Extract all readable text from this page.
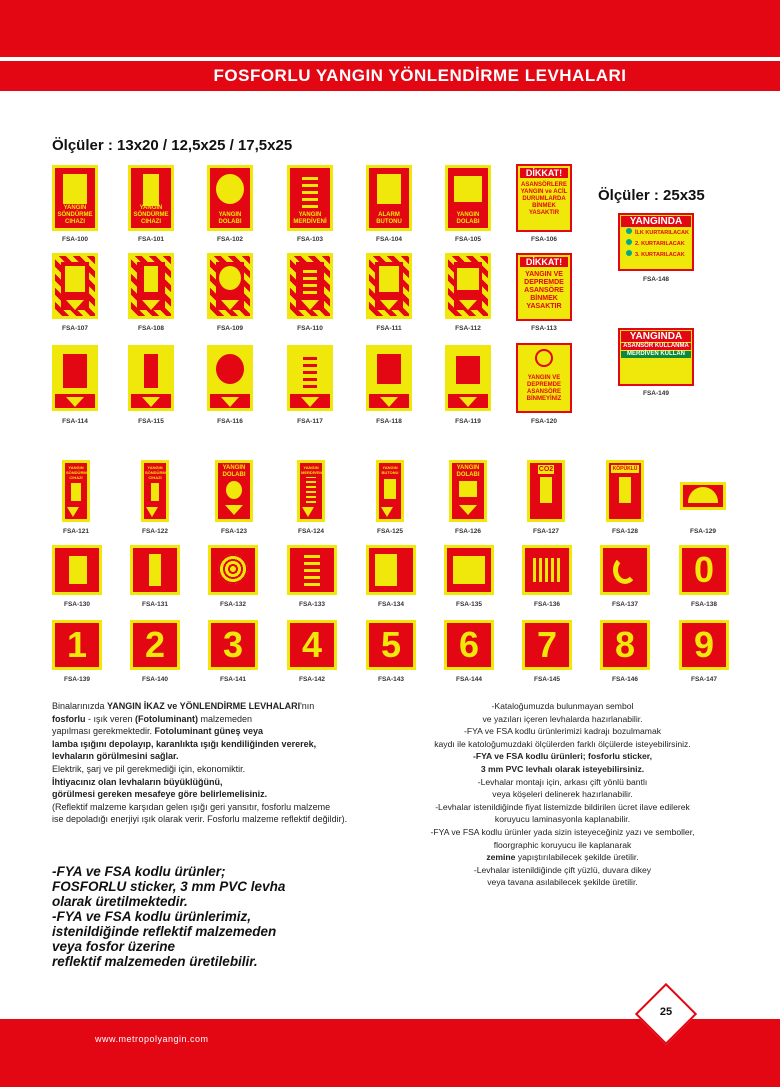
FOSFORLU YANGIN YÖNLENDİRME LEVHALARI
Ölçüler : 13x20 / 12,5x25 / 17,5x25
Ölçüler : 25x35
YANGIN SÖNDÜRME CIHAZI
FSA-100
YANGIN SÖNDÜRME CIHAZI
FSA-101
YANGIN DOLABI
FSA-102
YANGIN MERDİVENİ
FSA-103
ALARM BUTONU
FSA-104
YANGIN DOLABI
FSA-105
DİKKAT!
ASANSÖRLERE YANGIN ve ACİL DURUMLARDA BİNMEK YASAKTIR
FSA-106
FSA-107	FSA-108	FSA-109	FSA-110	FSA-111	FSA-112
DİKKAT!
YANGIN VE DEPREMDE ASANSÖRE BİNMEK YASAKTIR
FSA-113
FSA-114	FSA-115	FSA-116	FSA-117	FSA-118	FSA-119
YANGIN VE DEPREMDE ASANSÖRE BİNMEYİNİZ
FSA-120
YANGINDA
İLK KURTARILACAK
2. KURTARILACAK
3. KURTARILACAK
FSA-148
YANGINDA
ASANSÖR KULLANMA
MERDİVEN KULLAN
FSA-149
YANGIN SÖNDÜRME CIHAZI
FSA-121
YANGIN SÖNDÜRME CIHAZI
FSA-122
YANGIN DOLABI
FSA-123
YANGIN MERDİVENİ
FSA-124
YANGIN BUTONU
FSA-125
YANGIN DOLABI
FSA-126
CO2
FSA-127
KÖPÜKLÜ
FSA-128	FSA-129
FSA-130	FSA-131	FSA-132	FSA-133	FSA-134	FSA-135	FSA-136	FSA-137
0
FSA-138
1
FSA-139
2
FSA-140
3
FSA-141
4
FSA-142
5
FSA-143
6
FSA-144
7
FSA-145
8
FSA-146
9
FSA-147
Binalarınızda YANGIN İKAZ ve YÖNLENDİRME LEVHALARI'nın
fosforlu - ışık veren (Fotoluminant) malzemeden
yapılması gerekmektedir. Fotoluminant güneş veya
lamba ışığını depolayıp, karanlıkta ışığı kendiliğinden vererek,
levhaların görülmesini sağlar.
Elektrik, şarj ve pil gerekmediği için, ekonomiktir.
İhtiyacınız olan levhaların büyüklüğünü,
görülmesi gereken mesafeye göre belirlemelisiniz.
(Reflektif malzeme karşıdan gelen ışığı geri yansıtır, fosforlu malzeme
ise depoladığı enerjiyi ışık olarak verir. Fosforlu malzeme reflektif değildir).
-FYA ve FSA kodlu ürünler;
FOSFORLU sticker, 3 mm PVC levha
olarak üretilmektedir.
-FYA ve FSA kodlu ürünlerimiz,
istenildiğinde reflektif malzemeden
veya fosfor üzerine
reflektif malzemeden üretilebilir.
-Kataloğumuzda bulunmayan sembol
ve yazıları içeren levhalarda hazırlanabilir.
-FYA ve FSA kodlu ürünlerimizi kadrajı bozulmamak
kaydı ile katoloğumuzdaki ölçülerden farklı ölçülerde isteyebilirsiniz.
-FYA ve FSA kodlu ürünleri; fosforlu sticker,
3 mm PVC levhalı olarak isteyebilirsiniz.
-Levhalar montajı için, arkası çift yönlü bantlı
veya köşeleri delinerek hazırlanabilir.
-Levhalar istenildiğinde fiyat listemizde bildirilen ücret ilave edilerek
koruyucu laminasyonla kaplanabilir.
-FYA ve FSA kodlu ürünler yada sizin isteyeceğiniz yazı ve semboller,
floorgraphic koruyucu ile kaplanarak
zemine yapıştırılabilecek şekilde üretilir.
-Levhalar istenildiğinde çift yüzlü, duvara dikey
veya tavana asılabilecek şekilde üretilir.
www.metropolyangin.com
25
